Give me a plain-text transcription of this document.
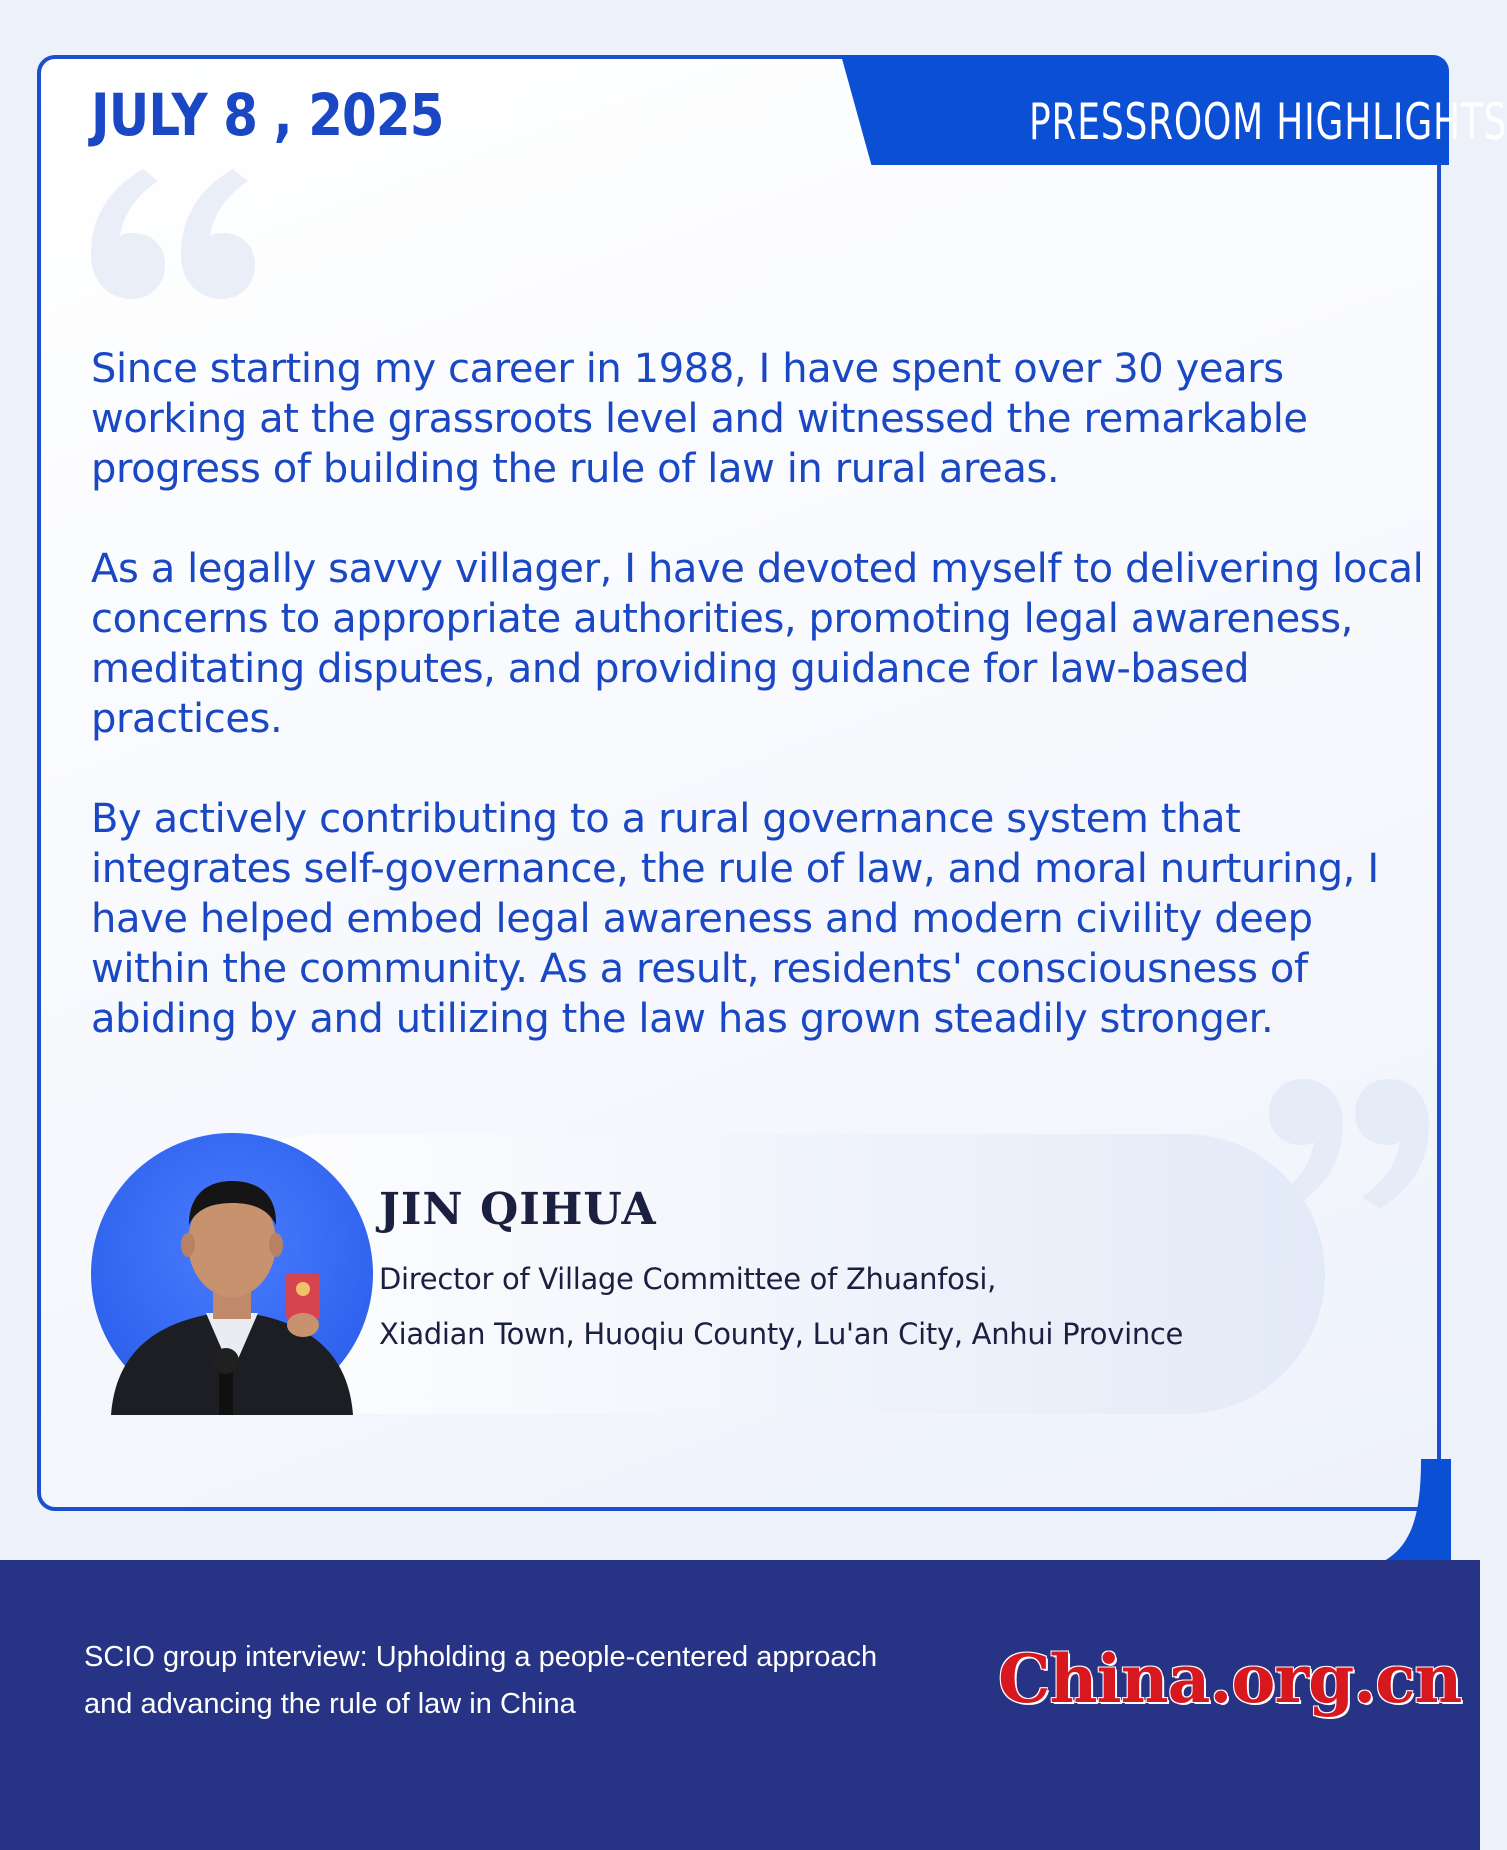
JULY 8 , 2025	PRESSROOM HIGHLIGHTS

Since starting my career in 1988, I have spent over 30 years working at the grassroots level and witnessed the remarkable progress of building the rule of law in rural areas.

As a legally savvy villager, I have devoted myself to delivering local concerns to appropriate authorities, promoting legal awareness, meditating disputes, and providing guidance for law-based practices.

By actively contributing to a rural governance system that integrates self-governance, the rule of law, and moral nurturing, I have helped embed legal awareness and modern civility deep within the community. As a result, residents' consciousness of abiding by and utilizing the law has grown steadily stronger.

JIN QIHUA
Director of Village Committee of Zhuanfosi,
Xiadian Town, Huoqiu County, Lu'an City, Anhui Province
SCIO group interview: Upholding a people-centered approach
and advancing the rule of law in China	China.org.cn
